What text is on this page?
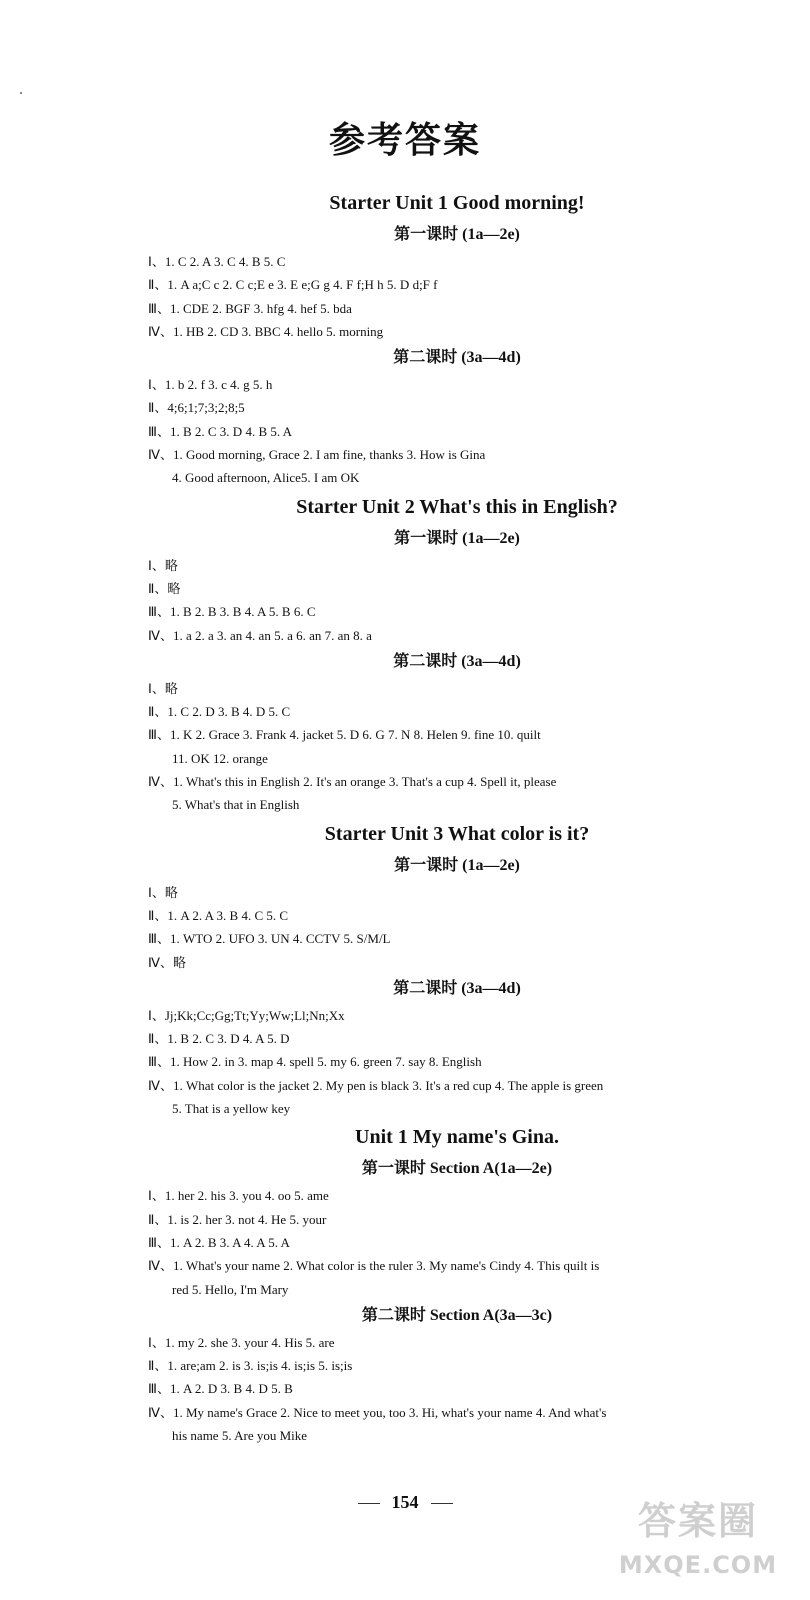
参考答案
Starter Unit 1 Good morning!
第一课时 (1a—2e)
Ⅰ、1. C 2. A 3. C 4. B 5. C
Ⅱ、1. A a;C c 2. C c;E e 3. E e;G g 4. F f;H h 5. D d;F f
Ⅲ、1. CDE 2. BGF 3. hfg 4. hef 5. bda
Ⅳ、1. HB 2. CD 3. BBC 4. hello 5. morning
第二课时 (3a—4d)
Ⅰ、1. b 2. f 3. c 4. g 5. h
Ⅱ、4;6;1;7;3;2;8;5
Ⅲ、1. B 2. C 3. D 4. B 5. A
Ⅳ、1. Good morning, Grace 2. I am fine, thanks 3. How is Gina
4. Good afternoon, Alice5. I am OK
Starter Unit 2 What's this in English?
第一课时 (1a—2e)
Ⅰ、略
Ⅱ、略
Ⅲ、1. B 2. B 3. B 4. A 5. B 6. C
Ⅳ、1. a 2. a 3. an 4. an 5. a 6. an 7. an 8. a
第二课时 (3a—4d)
Ⅰ、略
Ⅱ、1. C 2. D 3. B 4. D 5. C
Ⅲ、1. K 2. Grace 3. Frank 4. jacket 5. D 6. G 7. N 8. Helen 9. fine 10. quilt
11. OK 12. orange
Ⅳ、1. What's this in English 2. It's an orange 3. That's a cup 4. Spell it, please
5. What's that in English
Starter Unit 3 What color is it?
第一课时 (1a—2e)
Ⅰ、略
Ⅱ、1. A 2. A 3. B 4. C 5. C
Ⅲ、1. WTO 2. UFO 3. UN 4. CCTV 5. S/M/L
Ⅳ、略
第二课时 (3a—4d)
Ⅰ、Jj;Kk;Cc;Gg;Tt;Yy;Ww;Ll;Nn;Xx
Ⅱ、1. B 2. C 3. D 4. A 5. D
Ⅲ、1. How 2. in 3. map 4. spell 5. my 6. green 7. say 8. English
Ⅳ、1. What color is the jacket 2. My pen is black 3. It's a red cup 4. The apple is green
5. That is a yellow key
Unit 1 My name's Gina.
第一课时 Section A(1a—2e)
Ⅰ、1. her 2. his 3. you 4. oo 5. ame
Ⅱ、1. is 2. her 3. not 4. He 5. your
Ⅲ、1. A 2. B 3. A 4. A 5. A
Ⅳ、1. What's your name 2. What color is the ruler 3. My name's Cindy 4. This quilt is
red 5. Hello, I'm Mary
第二课时 Section A(3a—3c)
Ⅰ、1. my 2. she 3. your 4. His 5. are
Ⅱ、1. are;am 2. is 3. is;is 4. is;is 5. is;is
Ⅲ、1. A 2. D 3. B 4. D 5. B
Ⅳ、1. My name's Grace 2. Nice to meet you, too 3. Hi, what's your name 4. And what's
his name 5. Are you Mike
154	答案圈
MXQE.COM
